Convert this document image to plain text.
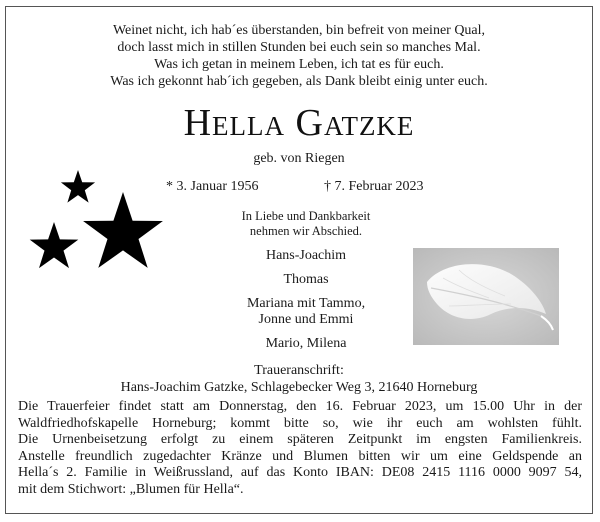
Weinet nicht, ich hab´es überstanden, bin befreit von meiner Qual,
doch lasst mich in stillen Stunden bei euch sein so manches Mal.
Was ich getan in meinem Leben, ich tat es für euch.
Was ich gekonnt hab´ich gegeben, als Dank bleibt einig unter euch.
Hella Gatzke
geb. von Riegen
* 3. Januar 1956	† 7. Februar 2023
In Liebe und Dankbarkeit
nehmen wir Abschied.
Hans-Joachim
Thomas
Mariana mit Tammo,
Jonne und Emmi
Mario, Milena
Traueranschrift:
Hans-Joachim Gatzke, Schlagebecker Weg 3, 21640 Horneburg
Die Trauerfeier findet statt am Donnerstag, den 16. Februar 2023, um 15.00 Uhr in der
Waldfriedhofskapelle Horneburg; kommt bitte so, wie ihr euch am wohlsten fühlt.
Die Urnenbeisetzung erfolgt zu einem späteren Zeitpunkt im engsten Familienkreis.
Anstelle freundlich zugedachter Kränze und Blumen bitten wir um eine Geldspende an
Hella´s 2. Familie in Weißrussland, auf das Konto IBAN: DE08 2415 1116 0000 9097 54,
mit dem Stichwort: „Blumen für Hella“.
